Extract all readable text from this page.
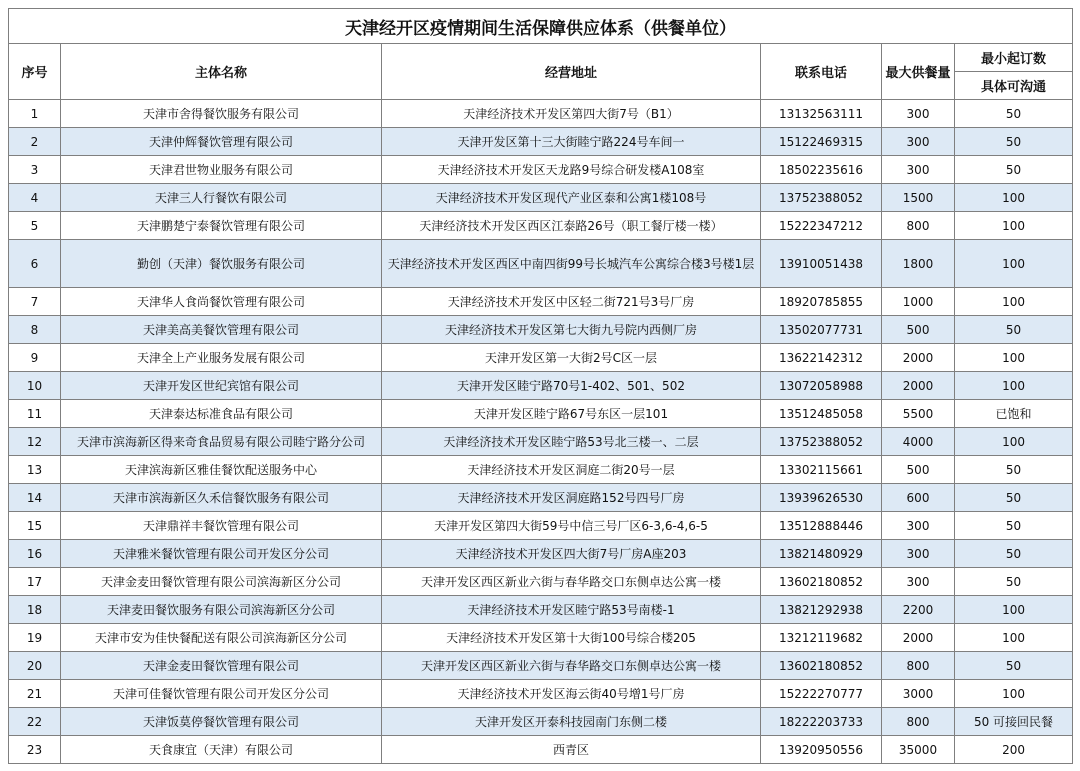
天津经开区疫情期间生活保障供应体系（供餐单位）					
序号	主体名称	经营地址	联系电话	最大供餐量	最小起订数
					具体可沟通
1	天津市舍得餐饮服务有限公司	天津经济技术开发区第四大街7号（B1）	13132563111	300	50
2	天津仲辉餐饮管理有限公司	天津开发区第十三大街睦宁路224号车间一	15122469315	300	50
3	天津君世物业服务有限公司	天津经济技术开发区天龙路9号综合研发楼A108室	18502235616	300	50
4	天津三人行餐饮有限公司	天津经济技术开发区现代产业区泰和公寓1楼108号	13752388052	1500	100
5	天津鹏楚宁泰餐饮管理有限公司	天津经济技术开发区西区江泰路26号（职工餐厅楼一楼）	15222347212	800	100
6	勤创（天津）餐饮服务有限公司	天津经济技术开发区西区中南四街99号长城汽车公寓综合楼3号楼1层	13910051438	1800	100
7	天津华人食尚餐饮管理有限公司	天津经济技术开发区中区轻二街721号3号厂房	18920785855	1000	100
8	天津美高美餐饮管理有限公司	天津经济技术开发区第七大街九号院内西侧厂房	13502077731	500	50
9	天津全上产业服务发展有限公司	天津开发区第一大街2号C区一层	13622142312	2000	100
10	天津开发区世纪宾馆有限公司	天津开发区睦宁路70号1-402、501、502	13072058988	2000	100
11	天津泰达标准食品有限公司	天津开发区睦宁路67号东区一层101	13512485058	5500	已饱和
12	天津市滨海新区得来奇食品贸易有限公司睦宁路分公司	天津经济技术开发区睦宁路53号北三楼一、二层	13752388052	4000	100
13	天津滨海新区雅佳餐饮配送服务中心	天津经济技术开发区洞庭二街20号一层	13302115661	500	50
14	天津市滨海新区久禾信餐饮服务有限公司	天津经济技术开发区洞庭路152号四号厂房	13939626530	600	50
15	天津鼎祥丰餐饮管理有限公司	天津开发区第四大街59号中信三号厂区6-3,6-4,6-5	13512888446	300	50
16	天津雅米餐饮管理有限公司开发区分公司	天津经济技术开发区四大街7号厂房A座203	13821480929	300	50
17	天津金麦田餐饮管理有限公司滨海新区分公司	天津开发区西区新业六街与春华路交口东侧卓达公寓一楼	13602180852	300	50
18	天津麦田餐饮服务有限公司滨海新区分公司	天津经济技术开发区睦宁路53号南楼-1	13821292938	2200	100
19	天津市安为佳快餐配送有限公司滨海新区分公司	天津经济技术开发区第十大街100号综合楼205	13212119682	2000	100
20	天津金麦田餐饮管理有限公司	天津开发区西区新业六街与春华路交口东侧卓达公寓一楼	13602180852	800	50
21	天津可佳餐饮管理有限公司开发区分公司	天津经济技术开发区海云街40号增1号厂房	15222270777	3000	100
22	天津饭莫停餐饮管理有限公司	天津开发区开泰科技园南门东侧二楼	18222203733	800	50 可接回民餐
23	天食康宜（天津）有限公司	西青区	13920950556	35000	200
